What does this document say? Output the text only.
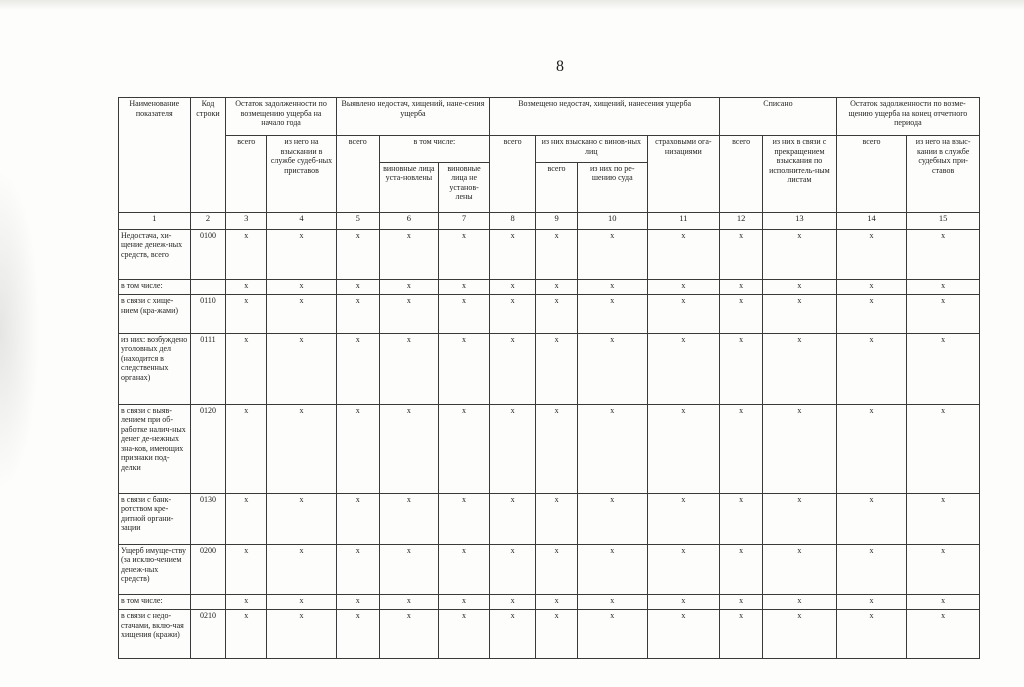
8
Наименование показателя	Код строки	Остаток задолженности по возмещению ущерба на начало года		Выявлено недостач, хищений, нане-сения ущерба			Возмещено недостач, хищений, нанесения ущерба				Списано		Остаток задолженности по возме-щению ущерба на конец отчетного периода	
		всего	из него на взыскании в службе судеб-ных приставов	всего	в том числе:		всего	из них взыскано с винов-ных лиц		страховыми ога-низациями	всего	из них в связи с прекращением взыскания по исполнитель-ным листам	всего	из него на взыс-кании в службе судебных при-ставов
					виновные лица уста-новлены	виновные лица не установ-лены		всего	из них по ре-шению суда					
1	2	3	4	5	6	7	8	9	10	11	12	13	14	15
Недостача, хи-щение денеж-ных средств, всего	0100	x	x	x	x	x	x	x	x	x	x	x	x	x
в том числе:		x	x	x	x	x	x	x	x	x	x	x	x	x
в связи с хище-нием (кра-жами)	0110	x	x	x	x	x	x	x	x	x	x	x	x	x
из них: возбуждено уголовных дел (находится в следственных органах)	0111	x	x	x	x	x	x	x	x	x	x	x	x	x
в связи с выяв-лением при об-работке налич-ных денег де-нежных зна-ков, имеющих признаки под-делки	0120	x	x	x	x	x	x	x	x	x	x	x	x	x
в связи с банк-ротством кре-дитной органи-зации	0130	x	x	x	x	x	x	x	x	x	x	x	x	x
Ущерб имуще-ству (за исклю-чением денеж-ных средств)	0200	x	x	x	x	x	x	x	x	x	x	x	x	x
в том числе:		x	x	x	x	x	x	x	x	x	x	x	x	x
в связи с недо-стачами, вклю-чая хищения (кражи)	0210	x	x	x	x	x	x	x	x	x	x	x	x	x
